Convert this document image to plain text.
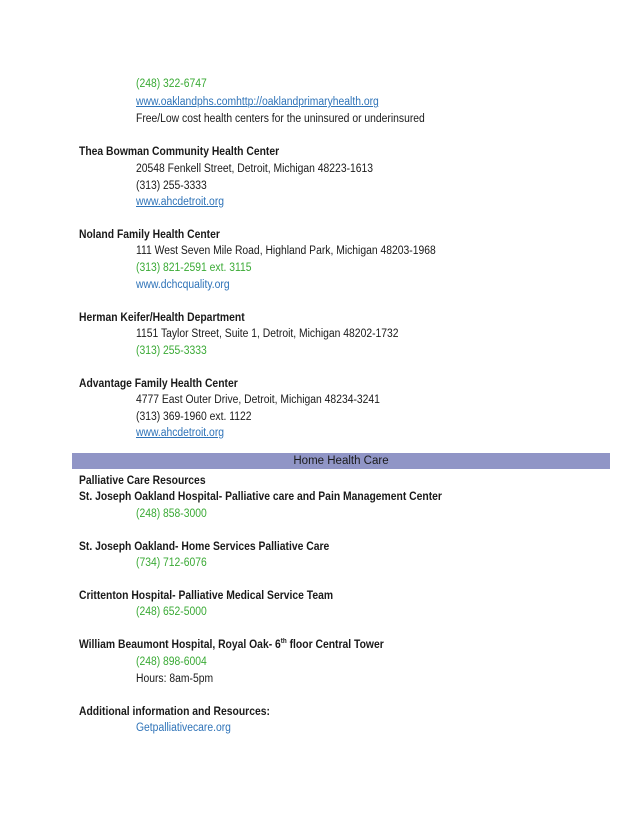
(248) 322-6747
www.oaklandphs.comhttp://oaklandprimaryhealth.org
Free/Low cost health centers for the uninsured or underinsured
Thea Bowman Community Health Center
20548 Fenkell Street, Detroit, Michigan 48223-1613
(313) 255-3333
www.ahcdetroit.org
Noland Family Health Center
111 West Seven Mile Road, Highland Park, Michigan 48203-1968
(313) 821-2591 ext. 3115
www.dchcquality.org
Herman Keifer/Health Department
1151 Taylor Street, Suite 1, Detroit, Michigan 48202-1732
(313) 255-3333
Advantage Family Health Center
4777 East Outer Drive, Detroit, Michigan 48234-3241
(313) 369-1960 ext. 1122
www.ahcdetroit.org
Home Health Care
Palliative Care Resources
St. Joseph Oakland Hospital- Palliative care and Pain Management Center
(248) 858-3000
St. Joseph Oakland- Home Services Palliative Care
(734) 712-6076
Crittenton Hospital- Palliative Medical Service Team
(248) 652-5000
William Beaumont Hospital, Royal Oak- 6th floor Central Tower
(248) 898-6004
Hours: 8am-5pm
Additional information and Resources:
Getpalliativecare.org
